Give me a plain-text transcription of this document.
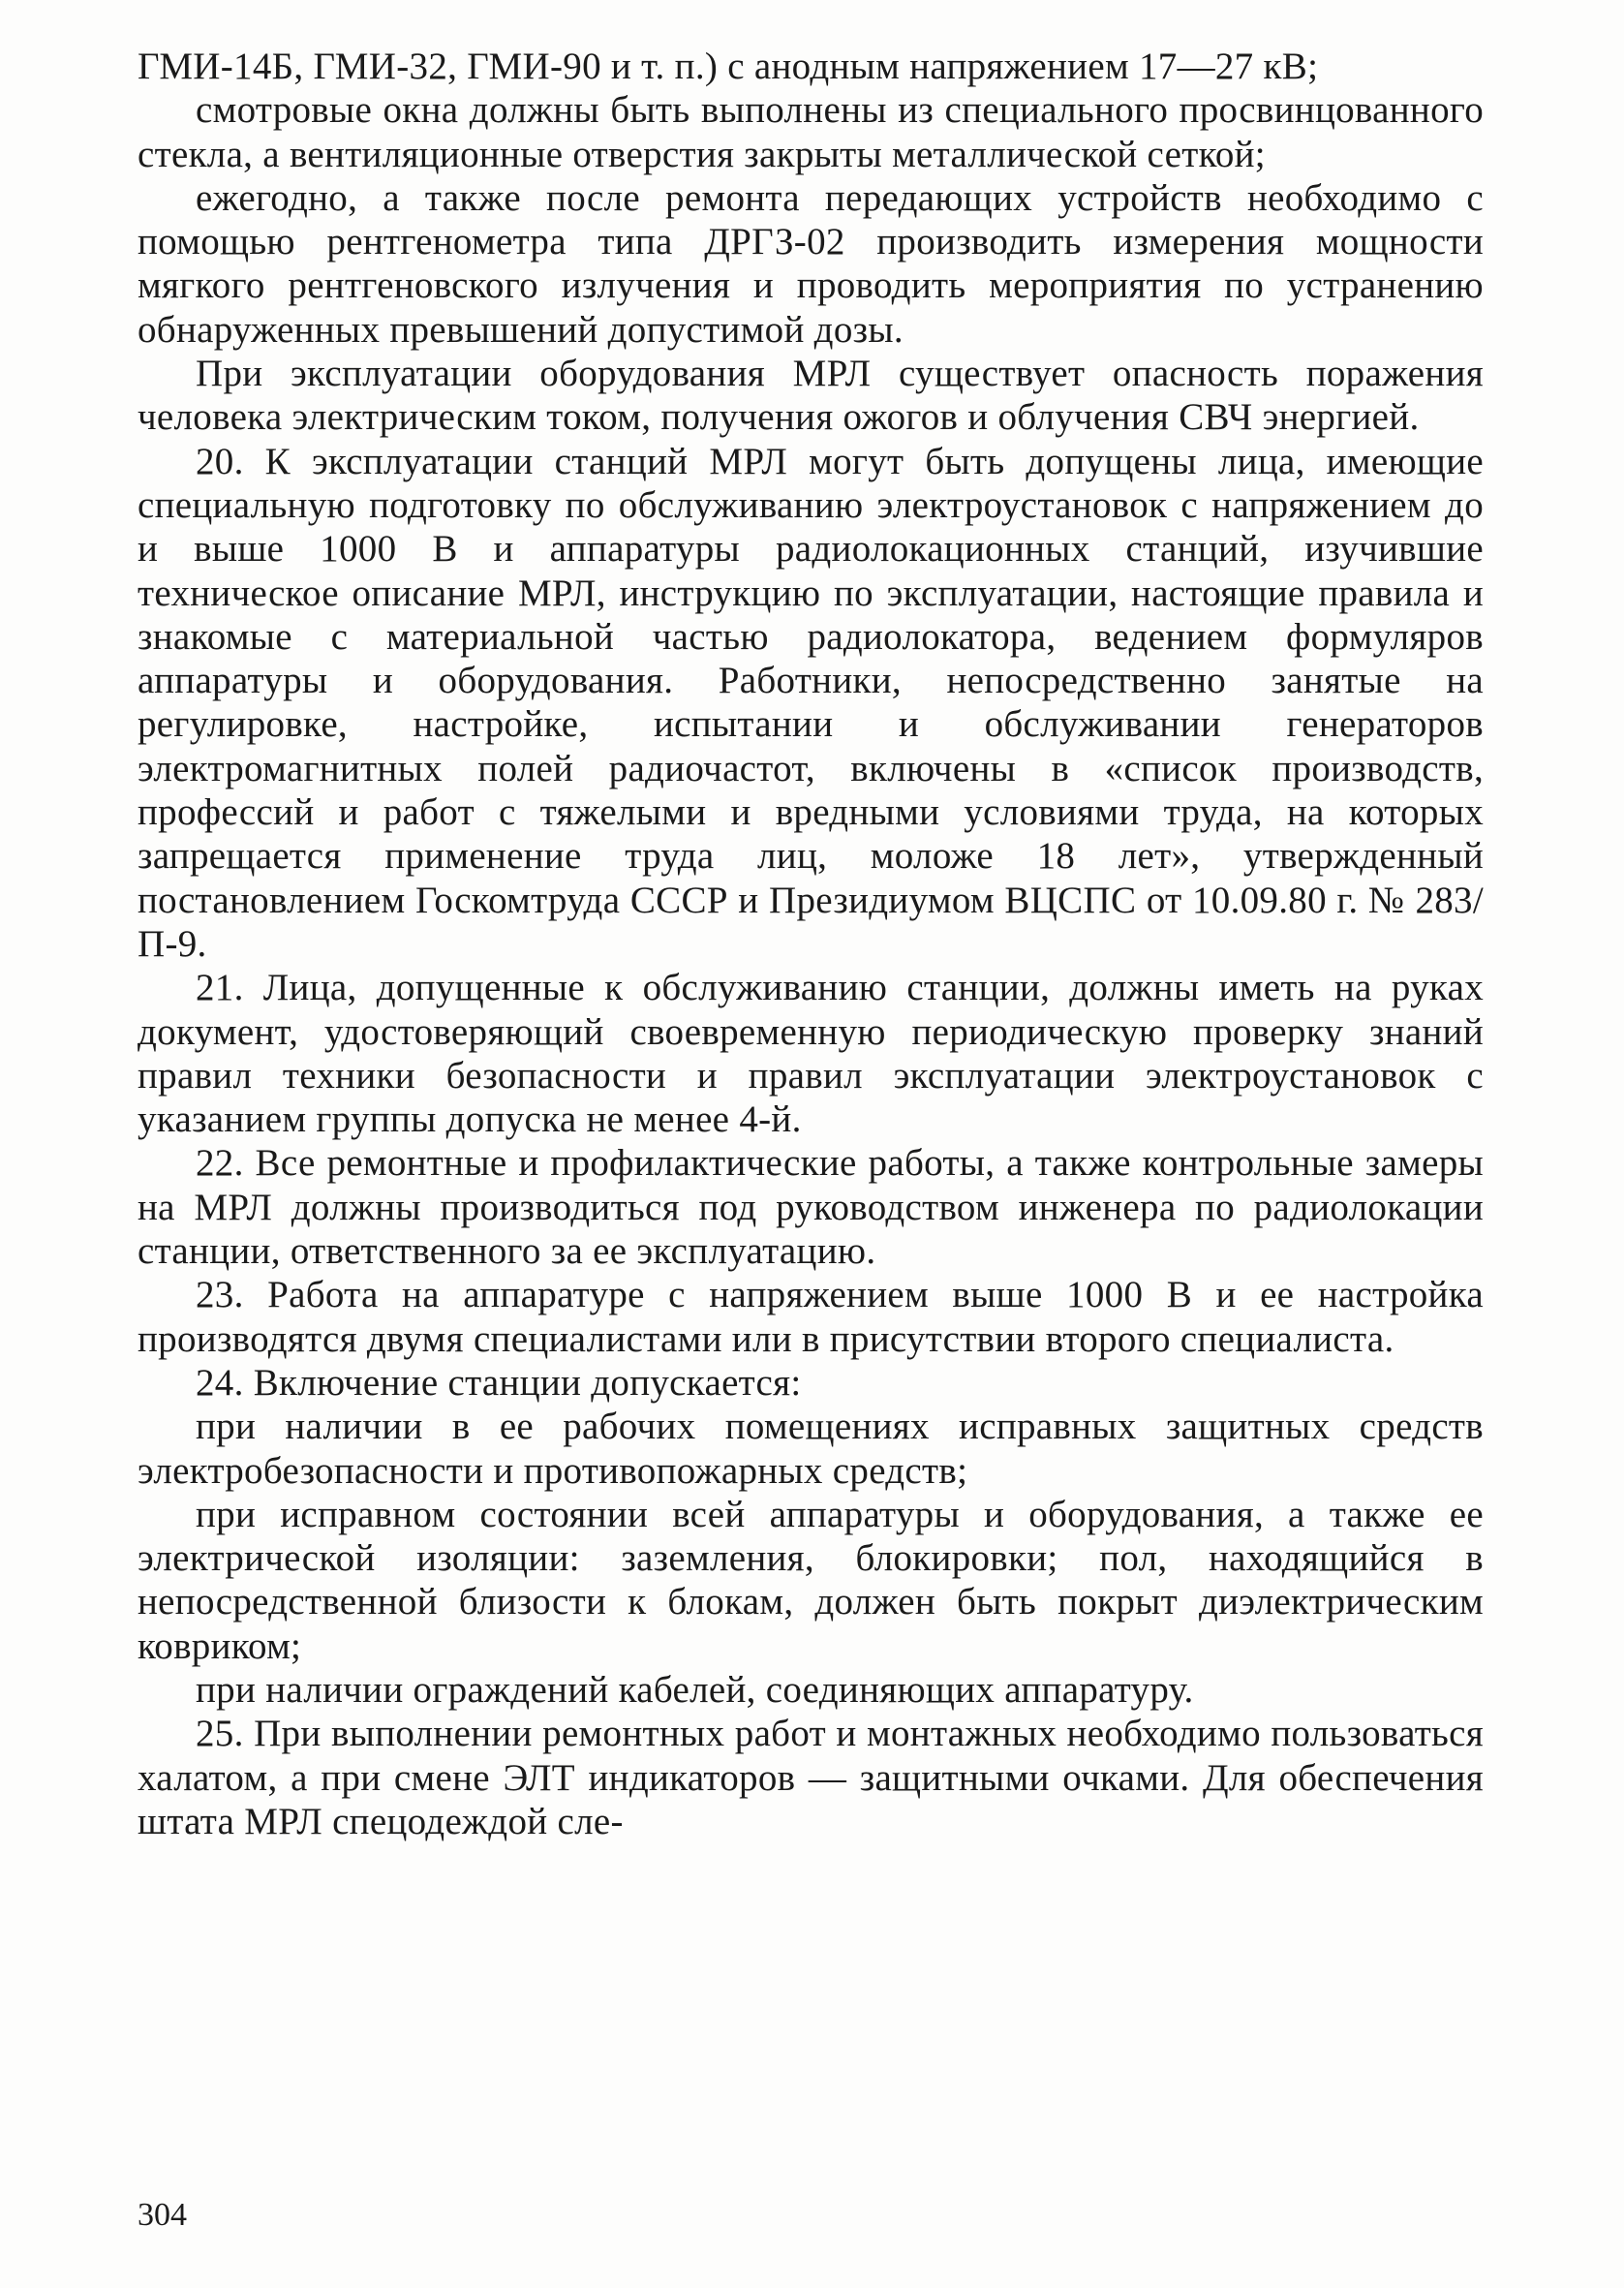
ГМИ-14Б, ГМИ-32, ГМИ-90 и т. п.) с анодным напряжением 17—27 кВ;

смотровые окна должны быть выполнены из специального просвинцованного стекла, а вентиляционные отверстия закрыты металлической сеткой;

ежегодно, а также после ремонта передающих устройств необходимо с помощью рентгенометра типа ДРГЗ-02 производить измерения мощности мягкого рентгеновского излучения и проводить мероприятия по устранению обнаруженных превышений допустимой дозы.

При эксплуатации оборудования МРЛ существует опасность поражения человека электрическим током, получения ожогов и облучения СВЧ энергией.

20. К эксплуатации станций МРЛ могут быть допущены лица, имеющие специальную подготовку по обслуживанию электроустановок с напряжением до и выше 1000 В и аппаратуры радиолокационных станций, изучившие техническое описание МРЛ, инструкцию по эксплуатации, настоящие правила и знакомые с материальной частью радиолокатора, ведением формуляров аппаратуры и оборудования. Работники, непосредственно занятые на регулировке, настройке, испытании и обслуживании генераторов электромагнитных полей радиочастот, включены в «список производств, профессий и работ с тяжелыми и вредными условиями труда, на которых запрещается применение труда лиц, моложе 18 лет», утвержденный постановлением Госкомтруда СССР и Президиумом ВЦСПС от 10.09.80 г. № 283/П-9.

21. Лица, допущенные к обслуживанию станции, должны иметь на руках документ, удостоверяющий своевременную периодическую проверку знаний правил техники безопасности и правил эксплуатации электроустановок с указанием группы допуска не менее 4-й.

22. Все ремонтные и профилактические работы, а также контрольные замеры на МРЛ должны производиться под руководством инженера по радиолокации станции, ответственного за ее эксплуатацию.

23. Работа на аппаратуре с напряжением выше 1000 В и ее настройка производятся двумя специалистами или в присутствии второго специалиста.

24. Включение станции допускается:

при наличии в ее рабочих помещениях исправных защитных средств электробезопасности и противопожарных средств;

при исправном состоянии всей аппаратуры и оборудования, а также ее электрической изоляции: заземления, блокировки; пол, находящийся в непосредственной близости к блокам, должен быть покрыт диэлектрическим ковриком;

при наличии ограждений кабелей, соединяющих аппаратуру.

25. При выполнении ремонтных работ и монтажных необходимо пользоваться халатом, а при смене ЭЛТ индикаторов — защитными очками. Для обеспечения штата МРЛ спецодеждой сле-

304
